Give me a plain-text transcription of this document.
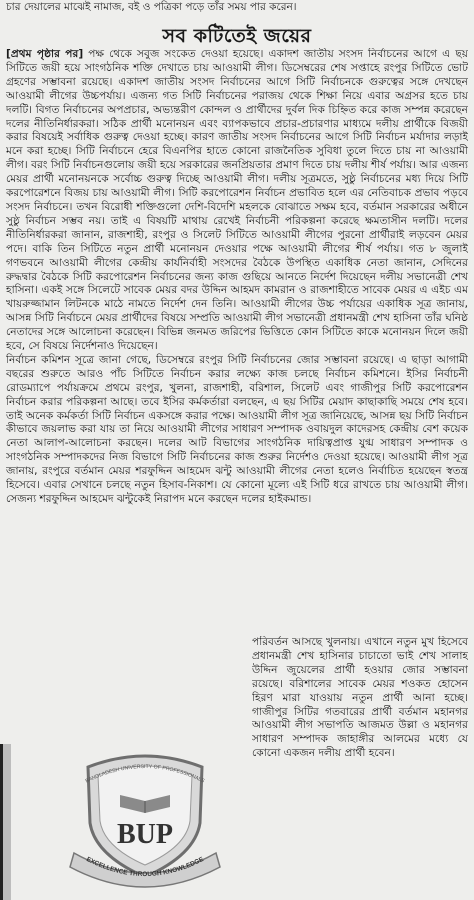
চার দেয়ালের মাঝেই নামাজ, বই ও পত্রিকা পড়ে তাঁর সময় পার করেন।
সব কটিতেই জয়ের

[প্রথম পৃষ্ঠার পর] পক্ষ থেকে সবুজ সংকেত দেওয়া হয়েছে। একাদশ জাতীয় সংসদ নির্বাচনের আগে এ ছয় সিটিতে জয়ী হয়ে সাংগঠনিক শক্তি দেখাতে চায় আওয়ামী লীগ। ডিসেম্বরের শেষ সপ্তাহে রংপুর সিটিতে ভোট গ্রহণের সম্ভাবনা রয়েছে। একাদশ জাতীয় সংসদ নির্বাচনের আগে সিটি নির্বাচনকে গুরুত্বের সঙ্গে দেখছেন আওয়ামী লীগের উচ্চপর্যায়। এজন্য গত সিটি নির্বাচনের পরাজয় থেকে শিক্ষা নিয়ে এবার অগ্রসর হতে চায় দলটি। বিগত নির্বাচনের অপপ্রচার, অভ্যন্তরীণ কোন্দল ও প্রার্থীদের দুর্বল দিক চিহ্নিত করে কাজ সম্পন্ন করেছেন দলের নীতিনির্ধারকরা। সঠিক প্রার্থী মনোনয়ন এবং ব্যাপকভাবে প্রচার-প্রচারণার মাধ্যমে দলীয় প্রার্থীকে বিজয়ী করার বিষয়েই সর্বাধিক গুরুত্ব দেওয়া হচ্ছে। কারণ জাতীয় সংসদ নির্বাচনের আগে সিটি নির্বাচন মর্যাদার লড়াই মনে করা হচ্ছে। সিটি নির্বাচনে হেরে বিএনপির হাতে কোনো রাজনৈতিক সুবিধা তুলে দিতে চায় না আওয়ামী লীগ। বরং সিটি নির্বাচনগুলোয় জয়ী হয়ে সরকারের জনপ্রিয়তার প্রমাণ দিতে চায় দলীয় শীর্ষ পর্যায়। আর এজন্য মেয়র প্রার্থী মনোনয়নকে সর্বোচ্চ গুরুত্ব দিচ্ছে আওয়ামী লীগ। দলীয় সূত্রমতে, সুষ্ঠু নির্বাচনের মধ্য দিয়ে সিটি করপোরেশনে বিজয় চায় আওয়ামী লীগ। সিটি করপোরেশন নির্বাচন প্রভাবিত হলে এর নেতিবাচক প্রভাব পড়বে সংসদ নির্বাচনে। তখন বিরোধী শক্তিগুলো দেশি-বিদেশি মহলকে বোঝাতে সক্ষম হবে, বর্তমান সরকারের অধীনে সুষ্ঠু নির্বাচন সম্ভব নয়। তাই এ বিষয়টি মাথায় রেখেই নির্বাচনী পরিকল্পনা করেছে ক্ষমতাসীন দলটি। দলের নীতিনির্ধারকরা জানান, রাজশাহী, রংপুর ও সিলেট সিটিতে আওয়ামী লীগের পুরনো প্রার্থীরাই লড়বেন মেয়র পদে। বাকি তিন সিটিতে নতুন প্রার্থী মনোনয়ন দেওয়ার পক্ষে আওয়ামী লীগের শীর্ষ পর্যায়। গত ৮ জুলাই গণভবনে আওয়ামী লীগের কেন্দ্রীয় কার্যনির্বাহী সংসদের বৈঠকে উপস্থিত একাধিক নেতা জানান, সেদিনের রুদ্ধদ্বার বৈঠকে সিটি করপোরেশন নির্বাচনের জন্য কাজ গুছিয়ে আনতে নির্দেশ দিয়েছেন দলীয় সভানেত্রী শেখ হাসিনা। একই সঙ্গে সিলেটে সাবেক মেয়র বদর উদ্দিন আহমদ কামরান ও রাজশাহীতে সাবেক মেয়র এ এইচ এম খায়রুজ্জামান লিটনকে মাঠে নামতে নির্দেশ দেন তিনি। আওয়ামী লীগের উচ্চ পর্যায়ের একাধিক সূত্র জানায়, আসন্ন সিটি নির্বাচনে মেয়র প্রার্থীদের বিষয়ে সম্প্রতি আওয়ামী লীগ সভানেত্রী প্রধানমন্ত্রী শেখ হাসিনা তাঁর ঘনিষ্ঠ নেতাদের সঙ্গে আলোচনা করেছেন। বিভিন্ন জনমত জরিপের ভিত্তিতে কোন সিটিতে কাকে মনোনয়ন দিলে জয়ী হবে, সে বিষয়ে নির্দেশনাও দিয়েছেন।

নির্বাচন কমিশন সূত্রে জানা গেছে, ডিসেম্বরে রংপুর সিটি নির্বাচনের জোর সম্ভাবনা রয়েছে। এ ছাড়া আগামী বছরের শুরুতে আরও পাঁচ সিটিতে নির্বাচন করার লক্ষ্যে কাজ চলছে নির্বাচন কমিশনে। ইসির নির্বাচনী রোডম্যাপে পর্যায়ক্রমে প্রথমে রংপুর, খুলনা, রাজশাহী, বরিশাল, সিলেট এবং গাজীপুর সিটি করপোরেশন নির্বাচন করার পরিকল্পনা আছে। তবে ইসির কর্মকর্তারা বলছেন, এ ছয় সিটির মেয়াদ কাছাকাছি সময়ে শেষ হবে। তাই অনেক কর্মকর্তা সিটি নির্বাচন একসঙ্গে করার পক্ষে। আওয়ামী লীগ সূত্র জানিয়েছে, আসন্ন ছয় সিটি নির্বাচন কীভাবে জয়লাভ করা যায় তা নিয়ে আওয়ামী লীগের সাধারণ সম্পাদক ওবায়দুল কাদেরসহ কেন্দ্রীয় বেশ কয়েক নেতা আলাপ-আলোচনা করছেন। দলের আট বিভাগের সাংগঠনিক দায়িত্বপ্রাপ্ত যুগ্ম সাধারণ সম্পাদক ও সাংগঠনিক সম্পাদকদের নিজ বিভাগে সিটি নির্বাচনের কাজ শুরুর নির্দেশও দেওয়া হয়েছে। আওয়ামী লীগ সূত্র জানায়, রংপুরে বর্তমান মেয়র শরফুদ্দিন আহমেদ ঝন্টু আওয়ামী লীগের নেতা হলেও নির্বাচিত হয়েছেন স্বতন্ত্র হিসেবে। এবার সেখানে চলছে নতুন হিসাব-নিকাশ। যে কোনো মূল্যে এই সিটি ধরে রাখতে চায় আওয়ামী লীগ। সেজন্য শরফুদ্দিন আহমেদ ঝন্টুকেই নিরাপদ মনে করছেন দলের হাইকমান্ড।

BUP
BANGLADESH UNIVERSITY OF PROFESSIONALS
EXCELLENCE THROUGH KNOWLEDGE

পরিবর্তন আসছে খুলনায়। এখানে নতুন মুখ হিসেবে প্রধানমন্ত্রী শেখ হাসিনার চাচাতো ভাই শেখ সালাহ উদ্দিন জুয়েলের প্রার্থী হওয়ার জোর সম্ভাবনা রয়েছে। বরিশালের সাবেক মেয়র শওকত হোসেন হিরণ মারা যাওয়ায় নতুন প্রার্থী আনা হচ্ছে। গাজীপুর সিটির গতবারের প্রার্থী বর্তমান মহানগর আওয়ামী লীগ সভাপতি আজমত উল্লা ও মহানগর সাধারণ সম্পাদক জাহাঙ্গীর আলমের মধ্যে যে কোনো একজন দলীয় প্রার্থী হবেন।
